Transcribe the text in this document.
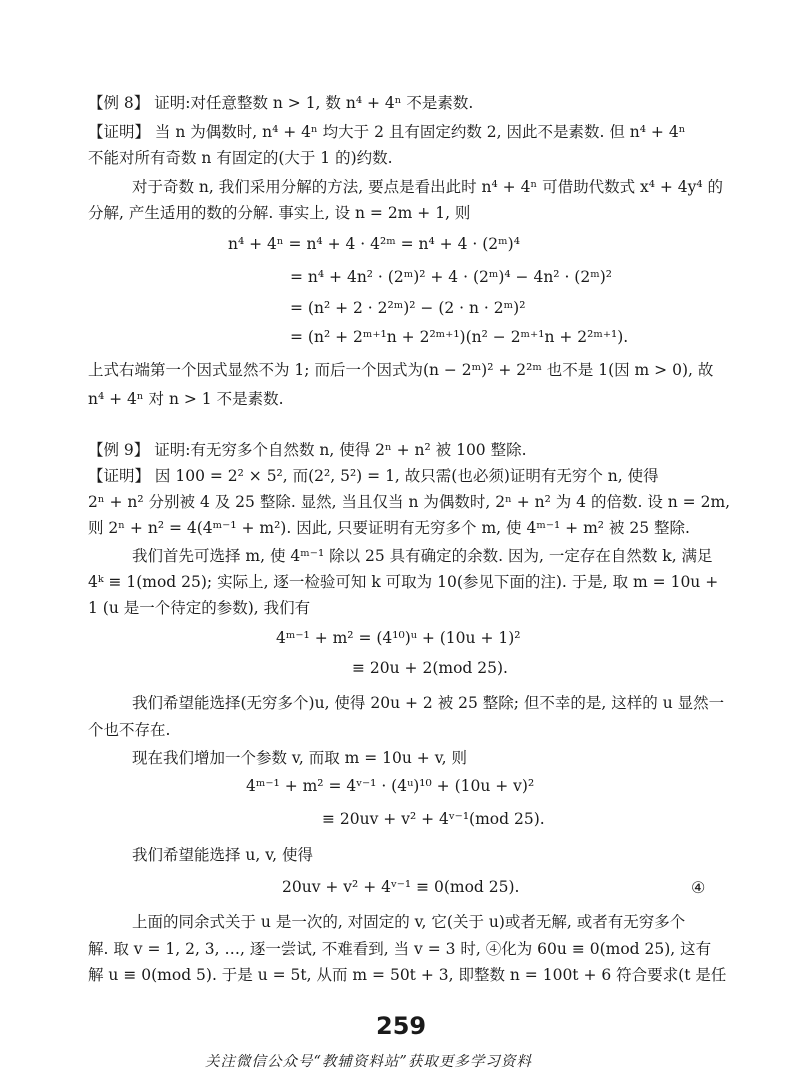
【例 8】 证明:对任意整数 n > 1, 数 n⁴ + 4ⁿ 不是素数.
【证明】 当 n 为偶数时, n⁴ + 4ⁿ 均大于 2 且有固定约数 2, 因此不是素数. 但 n⁴ + 4ⁿ
不能对所有奇数 n 有固定的(大于 1 的)约数.
对于奇数 n, 我们采用分解的方法, 要点是看出此时 n⁴ + 4ⁿ 可借助代数式 x⁴ + 4y⁴ 的
分解, 产生适用的数的分解. 事实上, 设 n = 2m + 1, 则
n⁴ + 4ⁿ = n⁴ + 4 · 4²ᵐ = n⁴ + 4 · (2ᵐ)⁴
= n⁴ + 4n² · (2ᵐ)² + 4 · (2ᵐ)⁴ − 4n² · (2ᵐ)²
= (n² + 2 · 2²ᵐ)² − (2 · n · 2ᵐ)²
= (n² + 2ᵐ⁺¹n + 2²ᵐ⁺¹)(n² − 2ᵐ⁺¹n + 2²ᵐ⁺¹).
上式右端第一个因式显然不为 1; 而后一个因式为(n − 2ᵐ)² + 2²ᵐ 也不是 1(因 m > 0), 故
n⁴ + 4ⁿ 对 n > 1 不是素数.
【例 9】 证明:有无穷多个自然数 n, 使得 2ⁿ + n² 被 100 整除.
【证明】 因 100 = 2² × 5², 而(2², 5²) = 1, 故只需(也必须)证明有无穷个 n, 使得
2ⁿ + n² 分别被 4 及 25 整除. 显然, 当且仅当 n 为偶数时, 2ⁿ + n² 为 4 的倍数. 设 n = 2m,
则 2ⁿ + n² = 4(4ᵐ⁻¹ + m²). 因此, 只要证明有无穷多个 m, 使 4ᵐ⁻¹ + m² 被 25 整除.
我们首先可选择 m, 使 4ᵐ⁻¹ 除以 25 具有确定的余数. 因为, 一定存在自然数 k, 满足
4ᵏ ≡ 1(mod 25); 实际上, 逐一检验可知 k 可取为 10(参见下面的注). 于是, 取 m = 10u +
1 (u 是一个待定的参数), 我们有
4ᵐ⁻¹ + m² = (4¹⁰)ᵘ + (10u + 1)²
≡ 20u + 2(mod 25).
我们希望能选择(无穷多个)u, 使得 20u + 2 被 25 整除; 但不幸的是, 这样的 u 显然一
个也不存在.
现在我们增加一个参数 v, 而取 m = 10u + v, 则
4ᵐ⁻¹ + m² = 4ᵛ⁻¹ · (4ᵘ)¹⁰ + (10u + v)²
≡ 20uv + v² + 4ᵛ⁻¹(mod 25).
我们希望能选择 u, v, 使得
20uv + v² + 4ᵛ⁻¹ ≡ 0(mod 25).	④
上面的同余式关于 u 是一次的, 对固定的 v, 它(关于 u)或者无解, 或者有无穷多个
解. 取 v = 1, 2, 3, …, 逐一尝试, 不难看到, 当 v = 3 时, ④化为 60u ≡ 0(mod 25), 这有
解 u ≡ 0(mod 5). 于是 u = 5t, 从而 m = 50t + 3, 即整数 n = 100t + 6 符合要求(t 是任
259
关注微信公众号“教辅资料站”获取更多学习资料
